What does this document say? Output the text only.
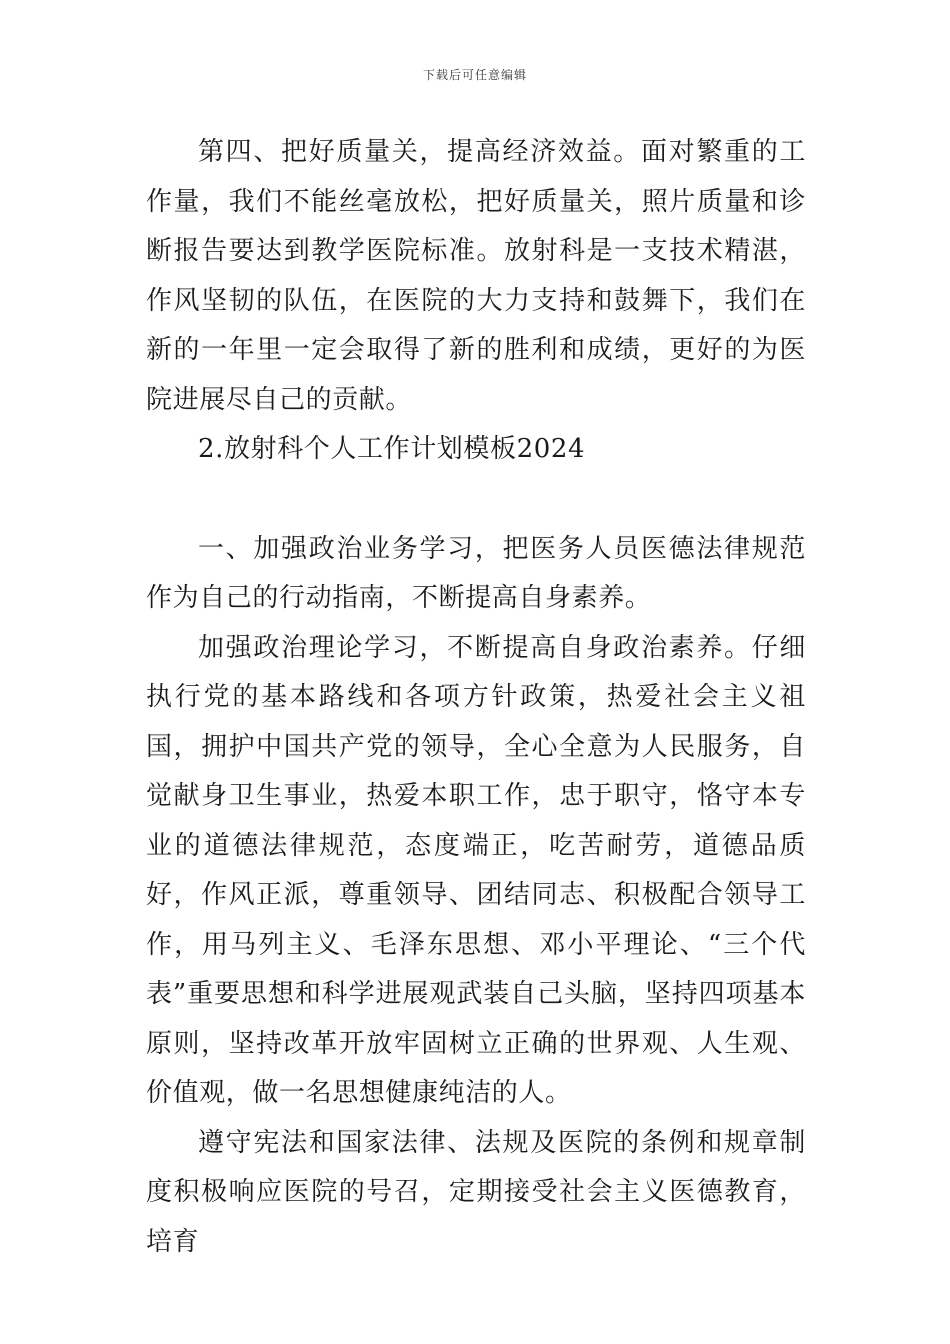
下载后可任意编辑

第四、把好质量关，提高经济效益。面对繁重的工作量，我们不能丝毫放松，把好质量关，照片质量和诊断报告要达到教学医院标准。放射科是一支技术精湛，作风坚韧的队伍，在医院的大力支持和鼓舞下，我们在新的一年里一定会取得了新的胜利和成绩，更好的为医院进展尽自己的贡献。

2.放射科个人工作计划模板2024

一、加强政治业务学习，把医务人员医德法律规范作为自己的行动指南，不断提高自身素养。

加强政治理论学习，不断提高自身政治素养。仔细执行党的基本路线和各项方针政策，热爱社会主义祖国，拥护中国共产党的领导，全心全意为人民服务，自觉献身卫生事业，热爱本职工作，忠于职守，恪守本专业的道德法律规范，态度端正，吃苦耐劳，道德品质好，作风正派，尊重领导、团结同志、积极配合领导工作，用马列主义、毛泽东思想、邓小平理论、“三个代表”重要思想和科学进展观武装自己头脑，坚持四项基本原则，坚持改革开放牢固树立正确的世界观、人生观、价值观，做一名思想健康纯洁的人。

遵守宪法和国家法律、法规及医院的条例和规章制度积极响应医院的号召，定期接受社会主义医德教育，培育
